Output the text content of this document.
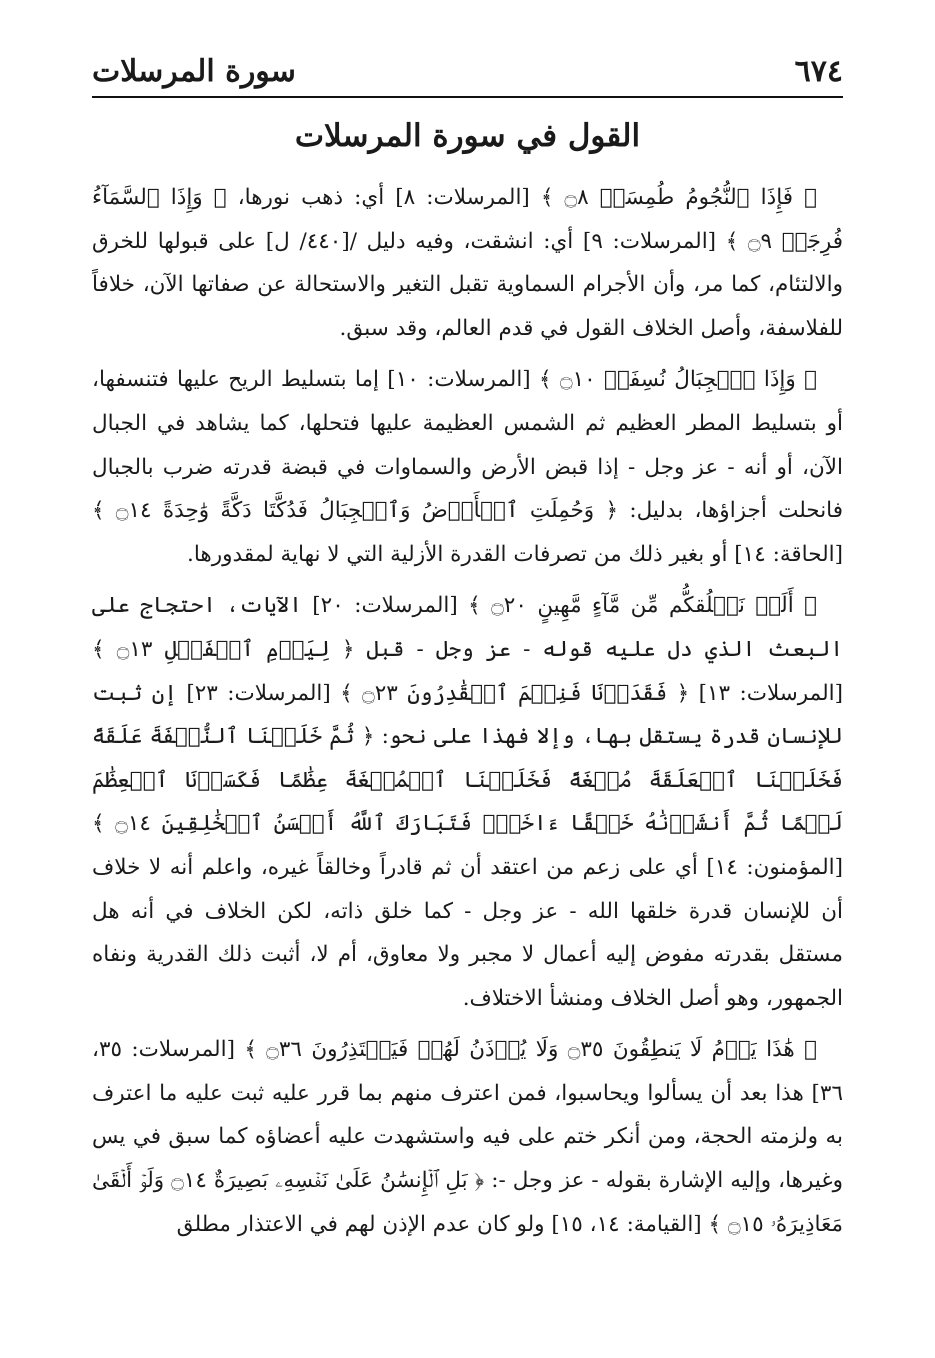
٦٧٤
سورة المرسلات
القول في سورة المرسلات

﴿ فَإِذَا ٱلنُّجُومُ طُمِسَتۡ ۝٨ ﴾ [المرسلات: ٨] أي: ذهب نورها، ﴿ وَإِذَا ٱلسَّمَآءُ فُرِجَتۡ ۝٩ ﴾ [المرسلات: ٩] أي: انشقت، وفيه دليل /[٤٤٠/ ل] على قبولها للخرق والالتئام، كما مر، وأن الأجرام السماوية تقبل التغير والاستحالة عن صفاتها الآن، خلافاً للفلاسفة، وأصل الخلاف القول في قدم العالم، وقد سبق.

﴿ وَإِذَا ٱلۡجِبَالُ نُسِفَتۡ ۝١٠ ﴾ [المرسلات: ١٠] إما بتسليط الريح عليها فتنسفها، أو بتسليط المطر العظيم ثم الشمس العظيمة عليها فتحلها، كما يشاهد في الجبال الآن، أو أنه - عز وجل - إذا قبض الأرض والسماوات في قبضة قدرته ضرب بالجبال فانحلت أجزاؤها، بدليل: ﴿ وَحُمِلَتِ ٱلۡأَرۡضُ وَٱلۡجِبَالُ فَدُكَّتَا دَكَّةً وَٰحِدَةً ۝١٤ ﴾ [الحاقة: ١٤] أو بغير ذلك من تصرفات القدرة الأزلية التي لا نهاية لمقدورها.

﴿ أَلَمۡ نَخۡلُقكُّم مِّن مَّآءٍ مَّهِينٍ ۝٢٠ ﴾ [المرسلات: ٢٠] الآيات، احتجاج على البعث الذي دل عليه قوله - عز وجل - قبل ﴿ لِيَوۡمِ ٱلۡفَصۡلِ ۝١٣ ﴾ [المرسلات: ١٣] ﴿ فَقَدَرۡنَا فَنِعۡمَ ٱلۡقَٰدِرُونَ ۝٢٣ ﴾ [المرسلات: ٢٣] إن ثبت للإنسان قدرة يستقل بها، وإلا فهذا على نحو: ﴿ ثُمَّ خَلَقۡنَا ٱلنُّطۡفَةَ عَلَقَةً فَخَلَقۡنَا ٱلۡعَلَقَةَ مُضۡغَةً فَخَلَقۡنَا ٱلۡمُضۡغَةَ عِظَٰمًا فَكَسَوۡنَا ٱلۡعِظَٰمَ لَحۡمًا ثُمَّ أَنشَأۡنَٰهُ خَلۡقًا ءَاخَرَۚ فَتَبَارَكَ ٱللَّهُ أَحۡسَنُ ٱلۡخَٰلِقِينَ ۝١٤ ﴾ [المؤمنون: ١٤] أي على زعم من اعتقد أن ثم قادراً وخالقاً غيره، واعلم أنه لا خلاف أن للإنسان قدرة خلقها الله - عز وجل - كما خلق ذاته، لكن الخلاف في أنه هل مستقل بقدرته مفوض إليه أعمال لا مجبر ولا معاوق، أم لا، أثبت ذلك القدرية ونفاه الجمهور، وهو أصل الخلاف ومنشأ الاختلاف.

﴿ هَٰذَا يَوۡمُ لَا يَنطِقُونَ ۝٣٥ وَلَا يُؤۡذَنُ لَهُمۡ فَيَعۡتَذِرُونَ ۝٣٦ ﴾ [المرسلات: ٣٥، ٣٦] هذا بعد أن يسألوا ويحاسبوا، فمن اعترف منهم بما قرر عليه ثبت عليه ما اعترف به ولزمته الحجة، ومن أنكر ختم على فيه واستشهدت عليه أعضاؤه كما سبق في يس وغيرها، وإليه الإشارة بقوله - عز وجل -: ﴿ بَلِ ٱلۡإِنسَٰنُ عَلَىٰ نَفۡسِهِۦ بَصِيرَةٌ ۝١٤ وَلَوۡ أَلۡقَىٰ مَعَاذِيرَهُۥ ۝١٥ ﴾ [القيامة: ١٤، ١٥] ولو كان عدم الإذن لهم في الاعتذار مطلق
